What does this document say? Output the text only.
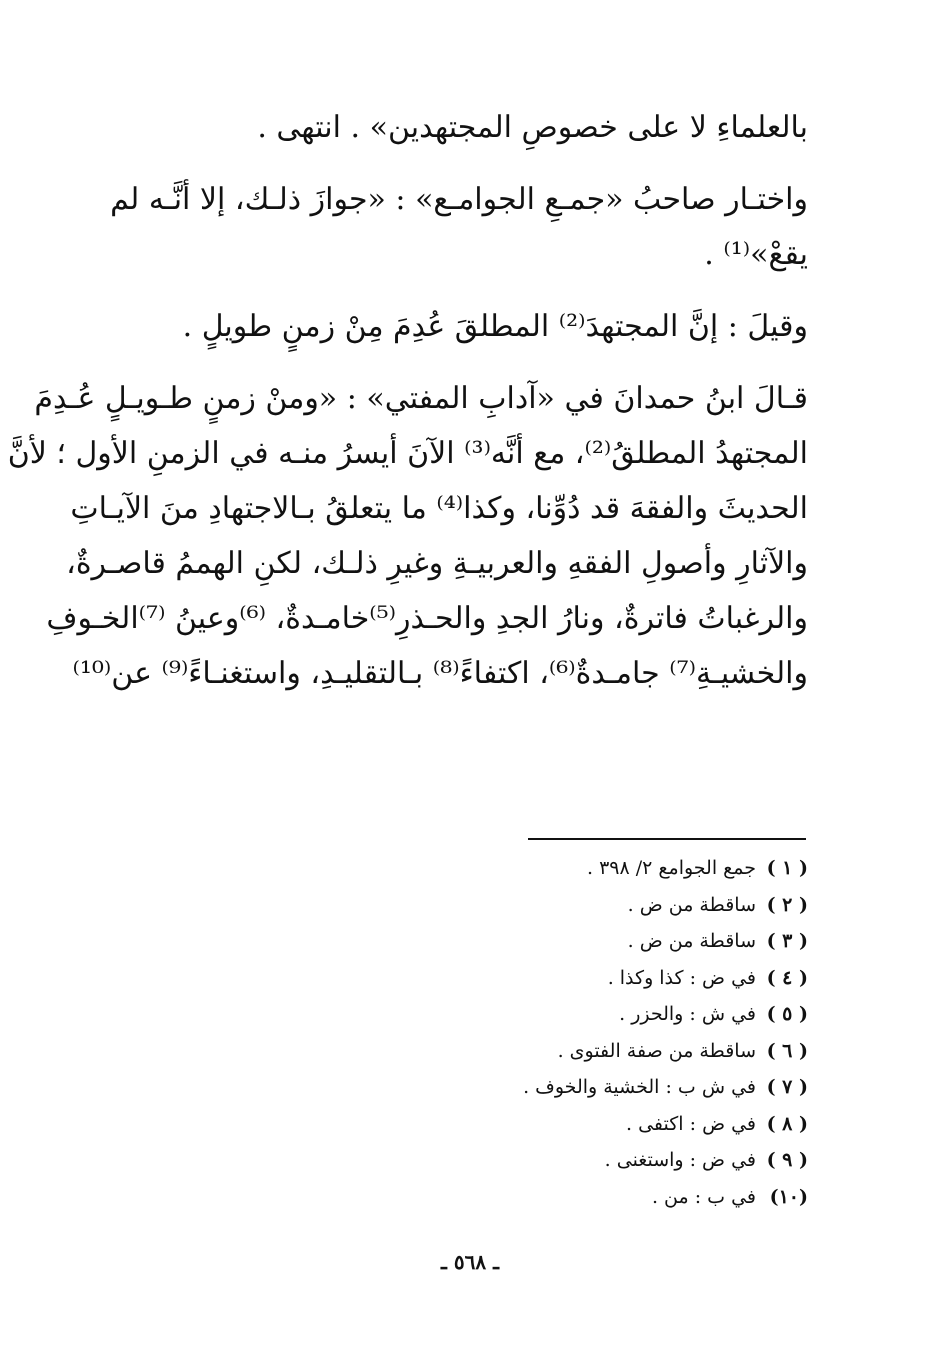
بالعلماءِ لا على خصوصِ المجتهدين» . انتهى .
واختـار صاحبُ «جمـعِ الجوامـع» : «جوازَ ذلـك، إلا أنَّـه لم
يقعْ»⁽¹⁾ .
وقيلَ : إنَّ المجتهدَ⁽²⁾ المطلقَ عُدِمَ مِنْ زمنٍ طويلٍ .
قـالَ ابنُ حمدانَ في «آدابِ المفتي» : «ومنْ زمنٍ طـويـلٍ عُـدِمَ
المجتهدُ المطلقُ⁽²⁾، مع أنَّه⁽³⁾ الآنَ أيسرُ منـه في الزمنِ الأول ؛ لأنَّ
الحديثَ والفقهَ قد دُوِّنا، وكذا⁽⁴⁾ ما يتعلقُ بـالاجتهادِ منَ الآيـاتِ
والآثارِ وأصولِ الفقهِ والعربيـةِ وغيرِ ذلـك، لكنِ الهممُ قاصـرةٌ،
والرغباتُ فاترةٌ، ونارُ الجدِ والحـذرِ⁽⁵⁾خامـدةٌ، ⁽⁶⁾وعينُ ⁽⁷⁾الخـوفِ
والخشيـةِ⁽⁷⁾ جامـدةٌ⁽⁶⁾، اكتفاءً⁽⁸⁾ بـالتقليـدِ، واستغنـاءً⁽⁹⁾ عن⁽¹⁰⁾
( ١ )
جمع الجوامع ٢/ ٣٩٨ .
( ٢ )
ساقطة من ض .
( ٣ )
ساقطة من ض .
( ٤ )
في ض : كذا وكذا .
( ٥ )
في ش : والحزر .
( ٦ )
ساقطة من صفة الفتوى .
( ٧ )
في ش ب : الخشية والخوف .
( ٨ )
في ض : اكتفى .
( ٩ )
في ض : واستغنى .
(١٠)
في ب : من .
ـ ٥٦٨ ـ
